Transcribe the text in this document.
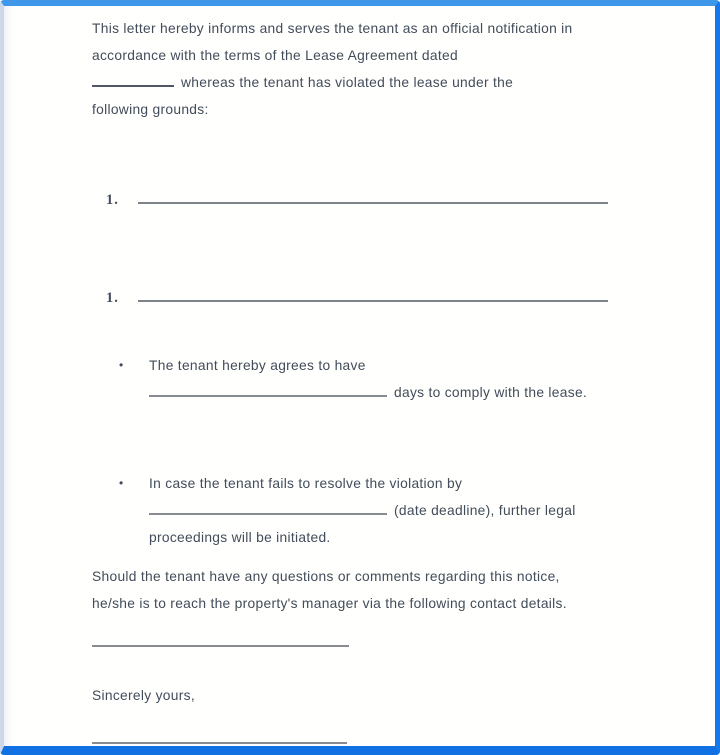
This letter hereby informs and serves the tenant as an official notification in
accordance with the terms of the Lease Agreement dated
whereas the tenant has violated the lease under the
following grounds:
1.
1.
•	The tenant hereby agrees to have
days to comply with the lease.
•	In case the tenant fails to resolve the violation by
(date deadline), further legal
proceedings will be initiated.
Should the tenant have any questions or comments regarding this notice,
he/she is to reach the property's manager via the following contact details.
Sincerely yours,
